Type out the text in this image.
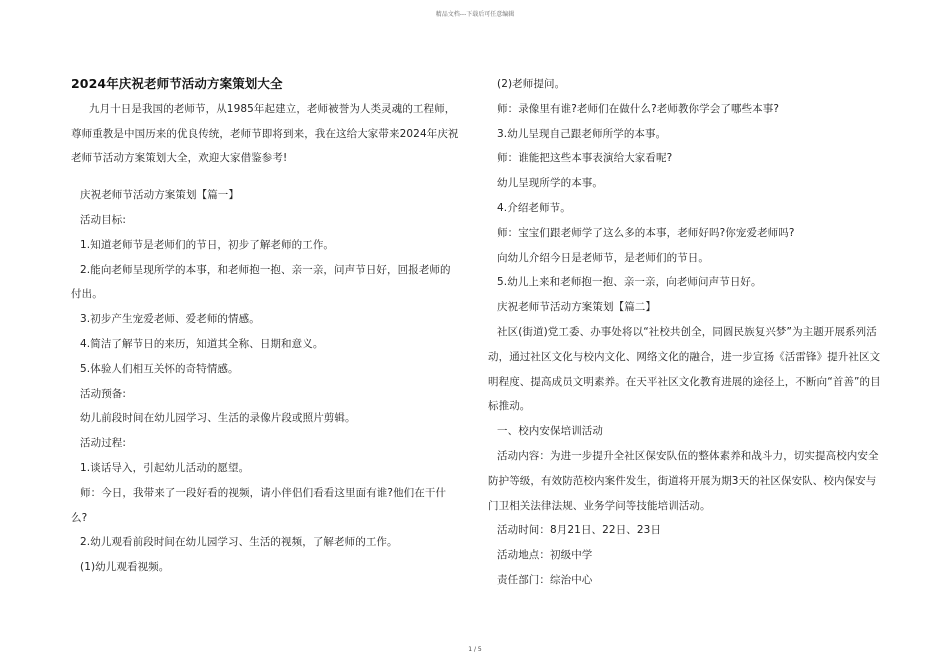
精品文档---下载后可任意编辑
2024年庆祝老师节活动方案策划大全

九月十日是我国的老师节，从1985年起建立，老师被誉为人类灵魂的工程师，尊师重教是中国历来的优良传统，老师节即将到来，我在这给大家带来2024年庆祝老师节活动方案策划大全，欢迎大家借鉴参考!

庆祝老师节活动方案策划【篇一】

活动目标:

1.知道老师节是老师们的节日，初步了解老师的工作。

2.能向老师呈现所学的本事，和老师抱一抱、亲一亲，问声节日好，回报老师的付出。

3.初步产生宠爱老师、爱老师的情感。

4.简洁了解节日的来历，知道其全称、日期和意义。

5.体验人们相互关怀的奇特情感。

活动预备:

幼儿前段时间在幼儿园学习、生活的录像片段或照片剪辑。

活动过程:

1.谈话导入，引起幼儿活动的愿望。

师：今日，我带来了一段好看的视频，请小伴侣们看看这里面有谁?他们在干什么?

2.幼儿观看前段时间在幼儿园学习、生活的视频，了解老师的工作。

(1)幼儿观看视频。

(2)老师提问。

师：录像里有谁?老师们在做什么?老师教你学会了哪些本事?

3.幼儿呈现自己跟老师所学的本事。

师：谁能把这些本事表演给大家看呢?

幼儿呈现所学的本事。

4.介绍老师节。

师：宝宝们跟老师学了这么多的本事，老师好吗?你宠爱老师吗?

向幼儿介绍今日是老师节，是老师们的节日。

5.幼儿上来和老师抱一抱、亲一亲，向老师问声节日好。

庆祝老师节活动方案策划【篇二】

社区(街道)党工委、办事处将以“社校共创全，同圆民族复兴梦”为主题开展系列活动，通过社区文化与校内文化、网络文化的融合，进一步宣扬《活雷锋》提升社区文明程度、提高成员文明素养。在天平社区文化教育进展的途径上，不断向“首善”的目标推动。

一、校内安保培训活动

活动内容：为进一步提升全社区保安队伍的整体素养和战斗力，切实提高校内安全防护等级，有效防范校内案件发生，街道将开展为期3天的社区保安队、校内保安与门卫相关法律法规、业务学问等技能培训活动。

活动时间：8月21日、22日、23日

活动地点：初级中学

责任部门：综治中心

1 / 5
